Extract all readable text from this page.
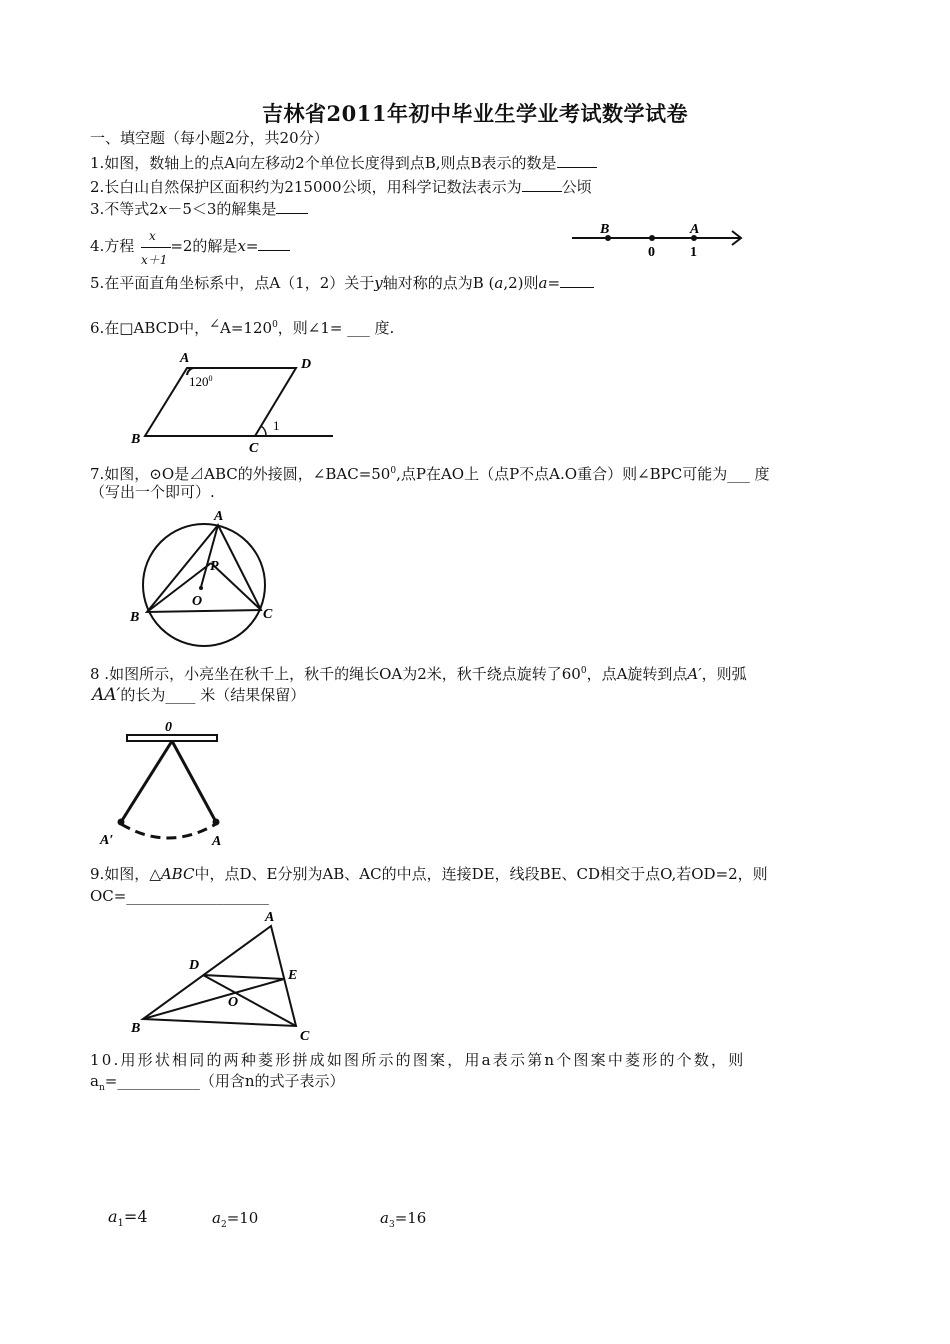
吉林省2011年初中毕业生学业考试数学试卷
一、填空题（每小题2分，共20分）
1.如图，数轴上的点A向左移动2个单位长度得到点B,则点B表示的数是
2.长白山自然保护区面积约为215000公顷，用科学记数法表示为	公顷
3.不等式2x－5＜3的解集是
4.方程 =2的解是x=
x
x＋1
B	A
0	1
5.在平面直角坐标系中，点A（1，2）关于y轴对称的点为B (a,2)则a=
6.在□ABCD中，$\angle A=120^0$，则∠1= ___ 度.
A	D
B
C
$120^0$
1
7.如图，⊙O是⊿ABC的外接圆，$\angle BAC=50^0$,点P在AO上（点P不点A.O重合）则∠BPC可能为___ 度
（写出一个即可）.
A
B	C
P
O
8 .如图所示，小亮坐在秋千上，秋千的绳长OA为2米，秋千绕点旋转了$60^0$，点A旋转到点A′，则弧
AA′的长为____ 米（结果保留）
0
A′	A
9.如图，△ABC中，点D、E分别为AB、AC的中点，连接DE，线段BE、CD相交于点O,若OD=2，则
OC=___________________
A
B
C
D
E
O
10.用形状相同的两种菱形拼成如图所示的图案，用a表示第n个图案中菱形的个数，则
$a_n=\_\_\_\_\_\_\_\_\_\_\_$（用含n的式子表示）
$a_1=4$	$a_2=10$	$a_3=16$
